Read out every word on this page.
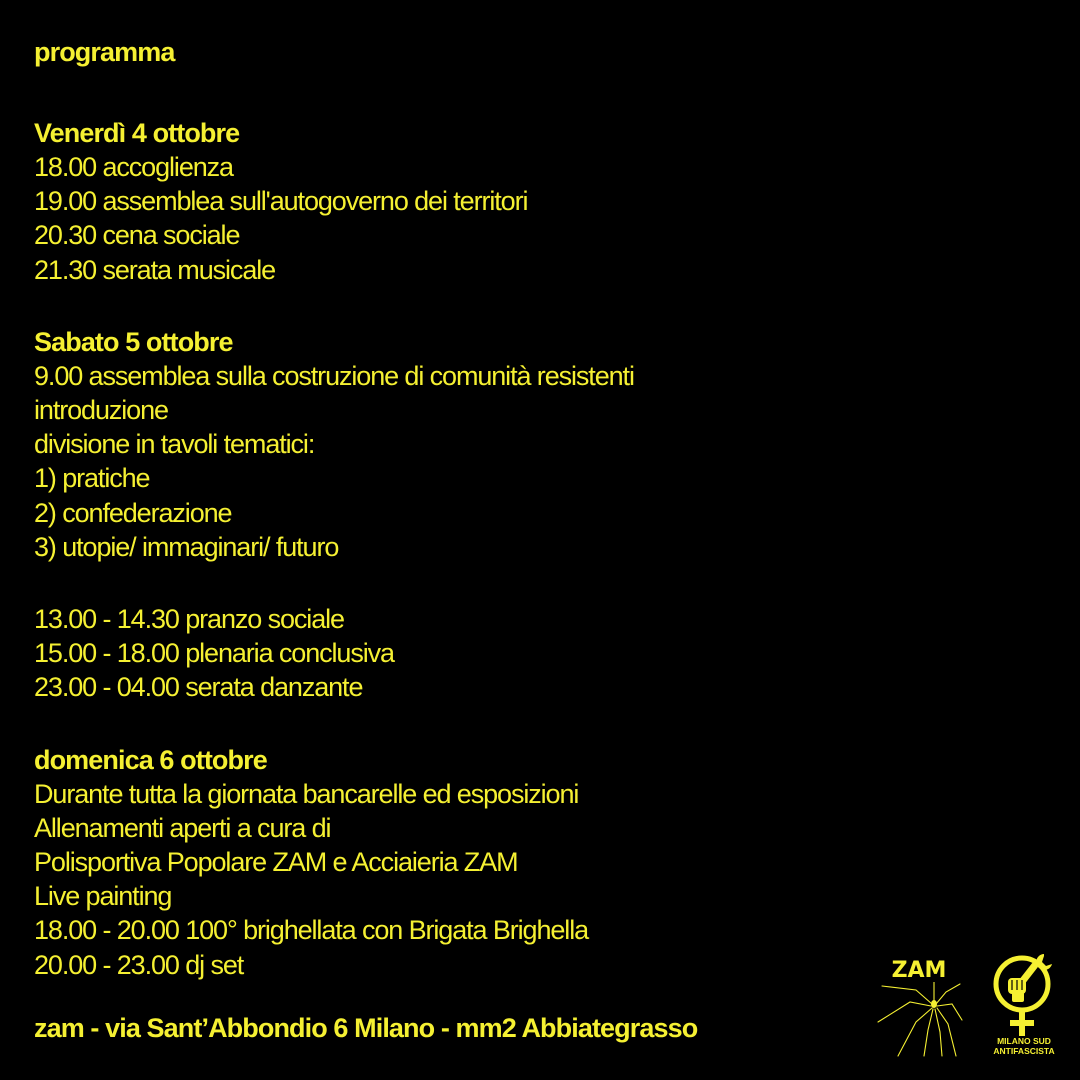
programma
Venerdì 4 ottobre
18.00 accoglienza
19.00 assemblea sull'autogoverno dei territori
20.30 cena sociale
21.30 serata musicale
Sabato 5 ottobre
9.00 assemblea sulla costruzione di comunità resistenti
introduzione
divisione in tavoli tematici:
1) pratiche
2) confederazione
3) utopie/ immaginari/ futuro
13.00 - 14.30 pranzo sociale
15.00 - 18.00 plenaria conclusiva
23.00 - 04.00 serata danzante
domenica 6 ottobre
Durante tutta la giornata bancarelle ed esposizioni
Allenamenti aperti a cura di
Polisportiva Popolare ZAM e Acciaieria ZAM
Live painting
18.00 - 20.00 100° brighellata con Brigata Brighella
20.00 - 23.00 dj set
zam - via Sant’Abbondio 6 Milano - mm2 Abbiategrasso
ZAM
MILANO SUD
ANTIFASCISTA
